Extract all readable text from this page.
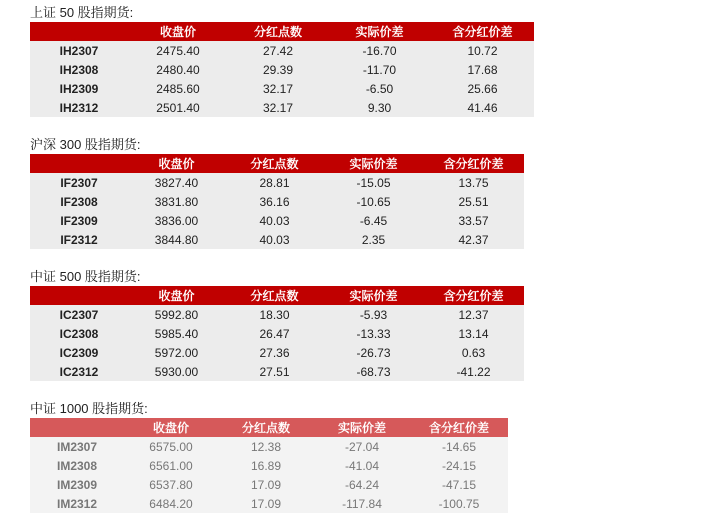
上证 50 股指期货:
	收盘价	分红点数	实际价差	含分红价差
IH2307	2475.40	27.42	-16.70	10.72
IH2308	2480.40	29.39	-11.70	17.68
IH2309	2485.60	32.17	-6.50	25.66
IH2312	2501.40	32.17	9.30	41.46
沪深 300 股指期货:
	收盘价	分红点数	实际价差	含分红价差
IF2307	3827.40	28.81	-15.05	13.75
IF2308	3831.80	36.16	-10.65	25.51
IF2309	3836.00	40.03	-6.45	33.57
IF2312	3844.80	40.03	2.35	42.37
中证 500 股指期货:
	收盘价	分红点数	实际价差	含分红价差
IC2307	5992.80	18.30	-5.93	12.37
IC2308	5985.40	26.47	-13.33	13.14
IC2309	5972.00	27.36	-26.73	0.63
IC2312	5930.00	27.51	-68.73	-41.22
中证 1000 股指期货:
	收盘价	分红点数	实际价差	含分红价差
IM2307	6575.00	12.38	-27.04	-14.65
IM2308	6561.00	16.89	-41.04	-24.15
IM2309	6537.80	17.09	-64.24	-47.15
IM2312	6484.20	17.09	-117.84	-100.75
